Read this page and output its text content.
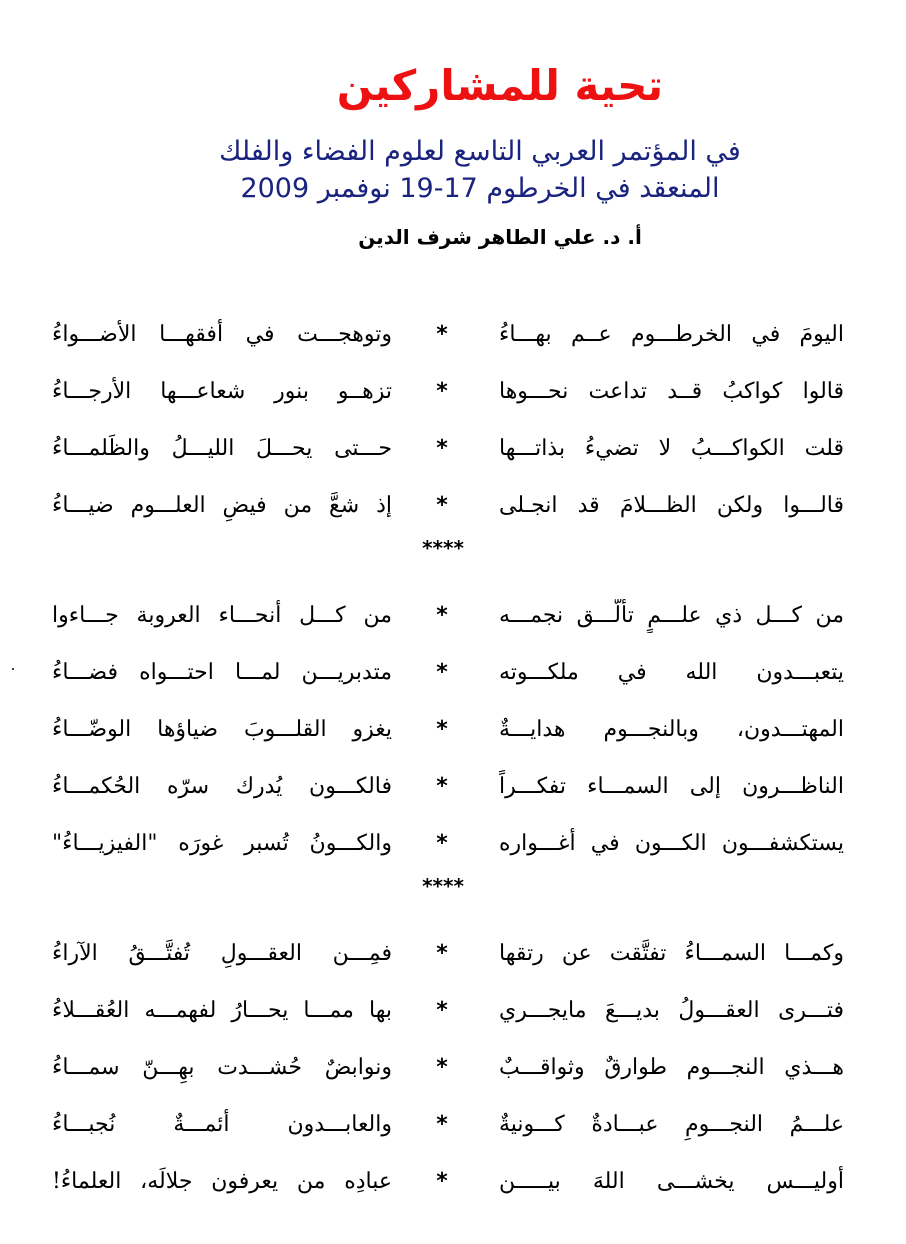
تحية للمشاركين
في المؤتمر العربي التاسع لعلوم الفضاء والفلك
المنعقد في الخرطوم 17-19 نوفمبر 2009
أ. د. علي الطاهر شرف الدين
اليومَ في الخرطـــوم عــم بهـــاءُ
*
وتوهجـــت في أفقهـــا الأضـــواءُ
قالوا كواكبُ قــد تداعت نحـــوها
*
تزهــو بنور شعاعـــها الأرجـــاءُ
قلت الكواكـــبُ لا تضيءُ بذاتـــها
*
حـــتى يحـــلَ الليـــلُ والظَلمـــاءُ
قالـــوا ولكن الظـــلامَ قد انجـلى
*
إذ شعَّ من فيضِ العلـــوم ضيـــاءُ
****
من كـــل ذي علـــمٍ تألّـــق نجمـــه
*
من كـــل أنحـــاء العروبة جـــاءوا
يتعبـــدون الله في ملكـــوته
*
متدبريـــن لمـــا احتـــواه فضـــاءُ
المهتـــدون، وبالنجـــوم هدايـــةٌ
*
يغزو القلـــوبَ ضياؤها الوضّـــاءُ
الناظـــرون إلى السمـــاء تفكـــراً
*
فالكـــون يُدرك سرّه الحُكمـــاءُ
يستكشفـــون الكـــون في أغـــواره
*
والكـــونُ تُسبر غورَه "الفيزيـــاءُ"
****
وكمـــا السمـــاءُ تفتَّقت عن رتقها
*
فمِـــن العقـــولِ تُفتَّـــقُ الآراءُ
فتـــرى العقـــولُ بديـــعَ مايجـــري
*
بها ممـــا يحـــارُ لفهمـــه العُقـــلاءُ
هـــذي النجـــوم طوارقٌ وثواقـــبٌ
*
ونوابضٌ حُشـــدت بهِـــنّ سمـــاءُ
علـــمُ النجـــومِ عبـــادةٌ كـــونيةٌ
*
والعابـــدون أئمـــةٌ نُجبـــاءُ
أوليـــس يخشـــى اللهَ بيـــــن
*
عبادِه من يعرفون جلالَه، العلماءُ!
